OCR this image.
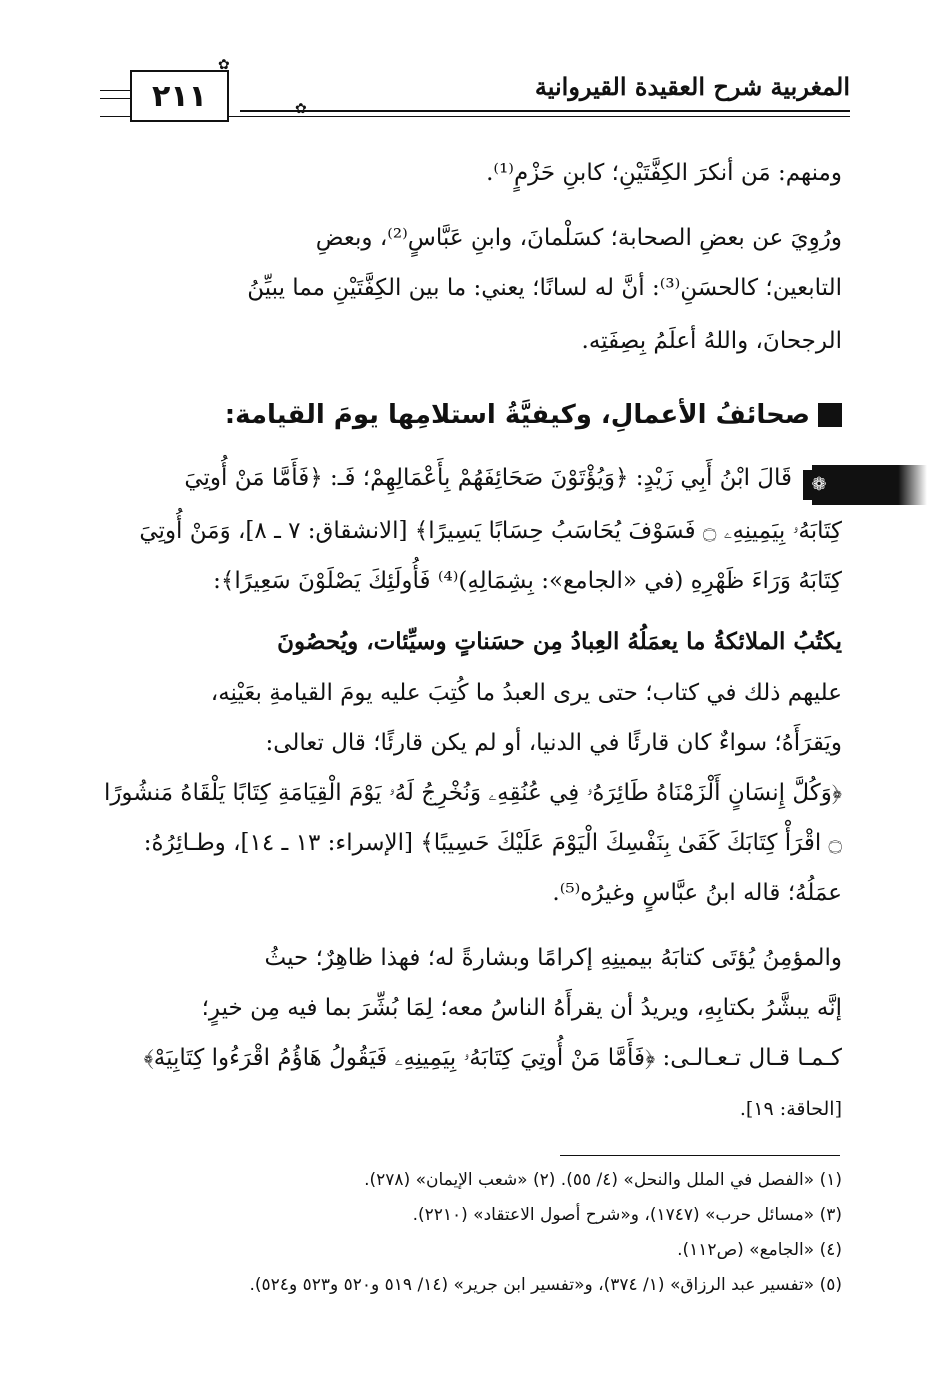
٢١١
✿
✿
المغربية شرح العقيدة القيروانية
ومنهم: مَن أنكرَ الكِفَّتَيْنِ؛ كابنِ حَزْمٍ⁽¹⁾.
ورُوِيَ عن بعضِ الصحابة؛ كسَلْمانَ، وابنِ عَبَّاسٍ⁽²⁾، وبعضِ
التابعين؛ كالحسَنِ⁽³⁾: أنَّ له لسانًا؛ يعني: ما بين الكِفَّتَيْنِ مما يبيِّنُ
الرجحانَ، واللهُ أعلَمُ بِصِفَتِه.
صحائفُ الأعمالِ، وكيفيَّةُ استلامِها يومَ القيامة:
❁
قَالَ ابْنُ أَبِي زَيْدٍ: ﴿وَيُؤْتَوْنَ صَحَائِفَهُمْ بِأَعْمَالِهِمْ؛ فَـ: ﴿فَأَمَّا مَنْ أُوتِيَ
كِتَابَهُۥ بِيَمِينِهِۦ ۝ فَسَوْفَ يُحَاسَبُ حِسَابًا يَسِيرًا﴾ [الانشقاق: ٧ ـ ٨]، وَمَنْ أُوتِيَ
كِتَابَهُ وَرَاءَ ظَهْرِهِ (في «الجامع»: بِشِمَالِهِ)⁽⁴⁾ فَأُولَئِكَ يَصْلَوْنَ سَعِيرًا﴾:
يكتُبُ الملائكةُ ما يعمَلُهُ العِبادُ مِن حسَناتٍ وسيِّئات، ويُحصُونَ
عليهم ذلك في كتاب؛ حتى يرى العبدُ ما كُتِبَ عليه يومَ القيامةِ بعَيْنِه،
ويَقرَأَهُ؛ سواءٌ كان قارئًا في الدنيا، أو لم يكن قارئًا؛ قال تعالى:
﴿وَكُلَّ إِنسَانٍ أَلْزَمْنَاهُ طَائِرَهُۥ فِي عُنُقِهِۦ وَنُخْرِجُ لَهُۥ يَوْمَ الْقِيَامَةِ كِتَابًا يَلْقَاهُ مَنشُورًا
۝ اقْرَأْ كِتَابَكَ كَفَىٰ بِنَفْسِكَ الْيَوْمَ عَلَيْكَ حَسِيبًا﴾ [الإسراء: ١٣ ـ ١٤]، وطـائِرُهُ:
عمَلُهُ؛ قاله ابنُ عبَّاسٍ وغيرُه⁽⁵⁾.
والمؤمِنُ يُؤتَى كتابَهُ بيمينِهِ إكرامًا وبشارةً له؛ فهذا ظاهِرٌ؛ حيثُ
إنَّه يبشَّرُ بكتابِهِ، ويريدُ أن يقرأَهُ الناسُ معه؛ لِمَا بُشِّرَ بما فيه مِن خيرٍ؛
كـمـا قـال تـعـالـى: ﴿فَأَمَّا مَنْ أُوتِيَ كِتَابَهُۥ بِيَمِينِهِۦ فَيَقُولُ هَاؤُمُ اقْرَءُوا كِتَابِيَهْ﴾
[الحاقة: ١٩].
(١) «الفصل في الملل والنحل» (٤/ ٥٥). (٢) «شعب الإيمان» (٢٧٨).
(٣) «مسائل حرب» (١٧٤٧)، و«شرح أصول الاعتقاد» (٢٢١٠).
(٤) «الجامع» (ص١١٢).
(٥) «تفسير عبد الرزاق» (١/ ٣٧٤)، و«تفسير ابن جرير» (١٤/ ٥١٩ و٥٢٠ و٥٢٣ و٥٢٤).
